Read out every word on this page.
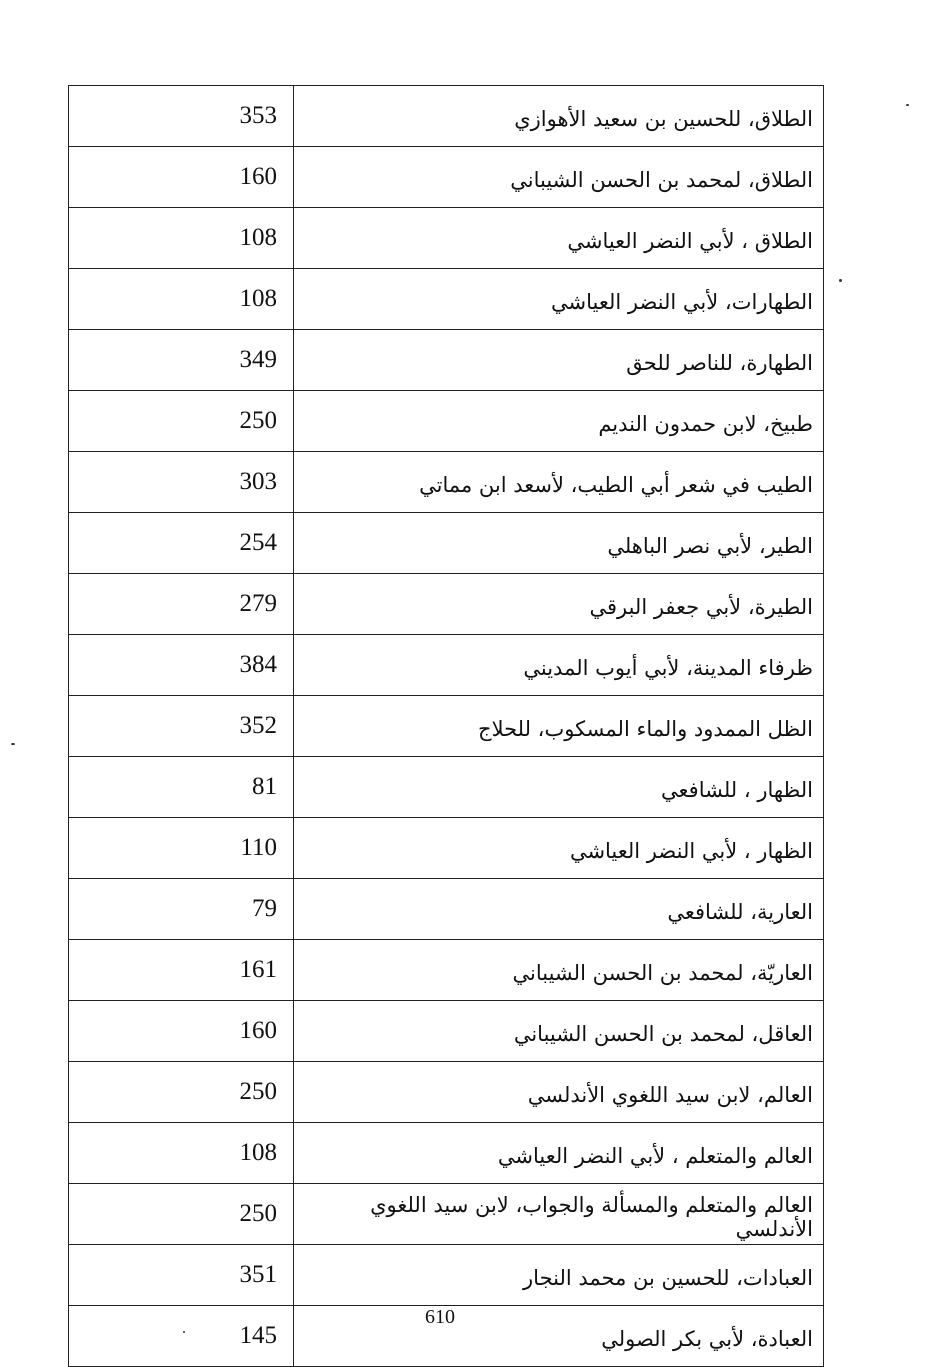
353	الطلاق، للحسين بن سعيد الأهوازي
160	الطلاق، لمحمد بن الحسن الشيباني
108	الطلاق ، لأبي النضر العياشي
108	الطهارات، لأبي النضر العياشي
349	الطهارة، للناصر للحق
250	طبيخ، لابن حمدون النديم
303	الطيب في شعر أبي الطيب، لأسعد ابن مماتي
254	الطير، لأبي نصر الباهلي
279	الطيرة، لأبي جعفر البرقي
384	ظرفاء المدينة، لأبي أيوب المديني
352	الظل الممدود والماء المسكوب، للحلاج
81	الظهار ، للشافعي
110	الظهار ، لأبي النضر العياشي
79	العارية، للشافعي
161	العاريّة، لمحمد بن الحسن الشيباني
160	العاقل، لمحمد بن الحسن الشيباني
250	العالم، لابن سيد اللغوي الأندلسي
108	العالم والمتعلم ، لأبي النضر العياشي
250	العالم والمتعلم والمسألة والجواب، لابن سيد اللغوي الأندلسي
351	العبادات، للحسين بن محمد النجار
145	العبادة، لأبي بكر الصولي
610
